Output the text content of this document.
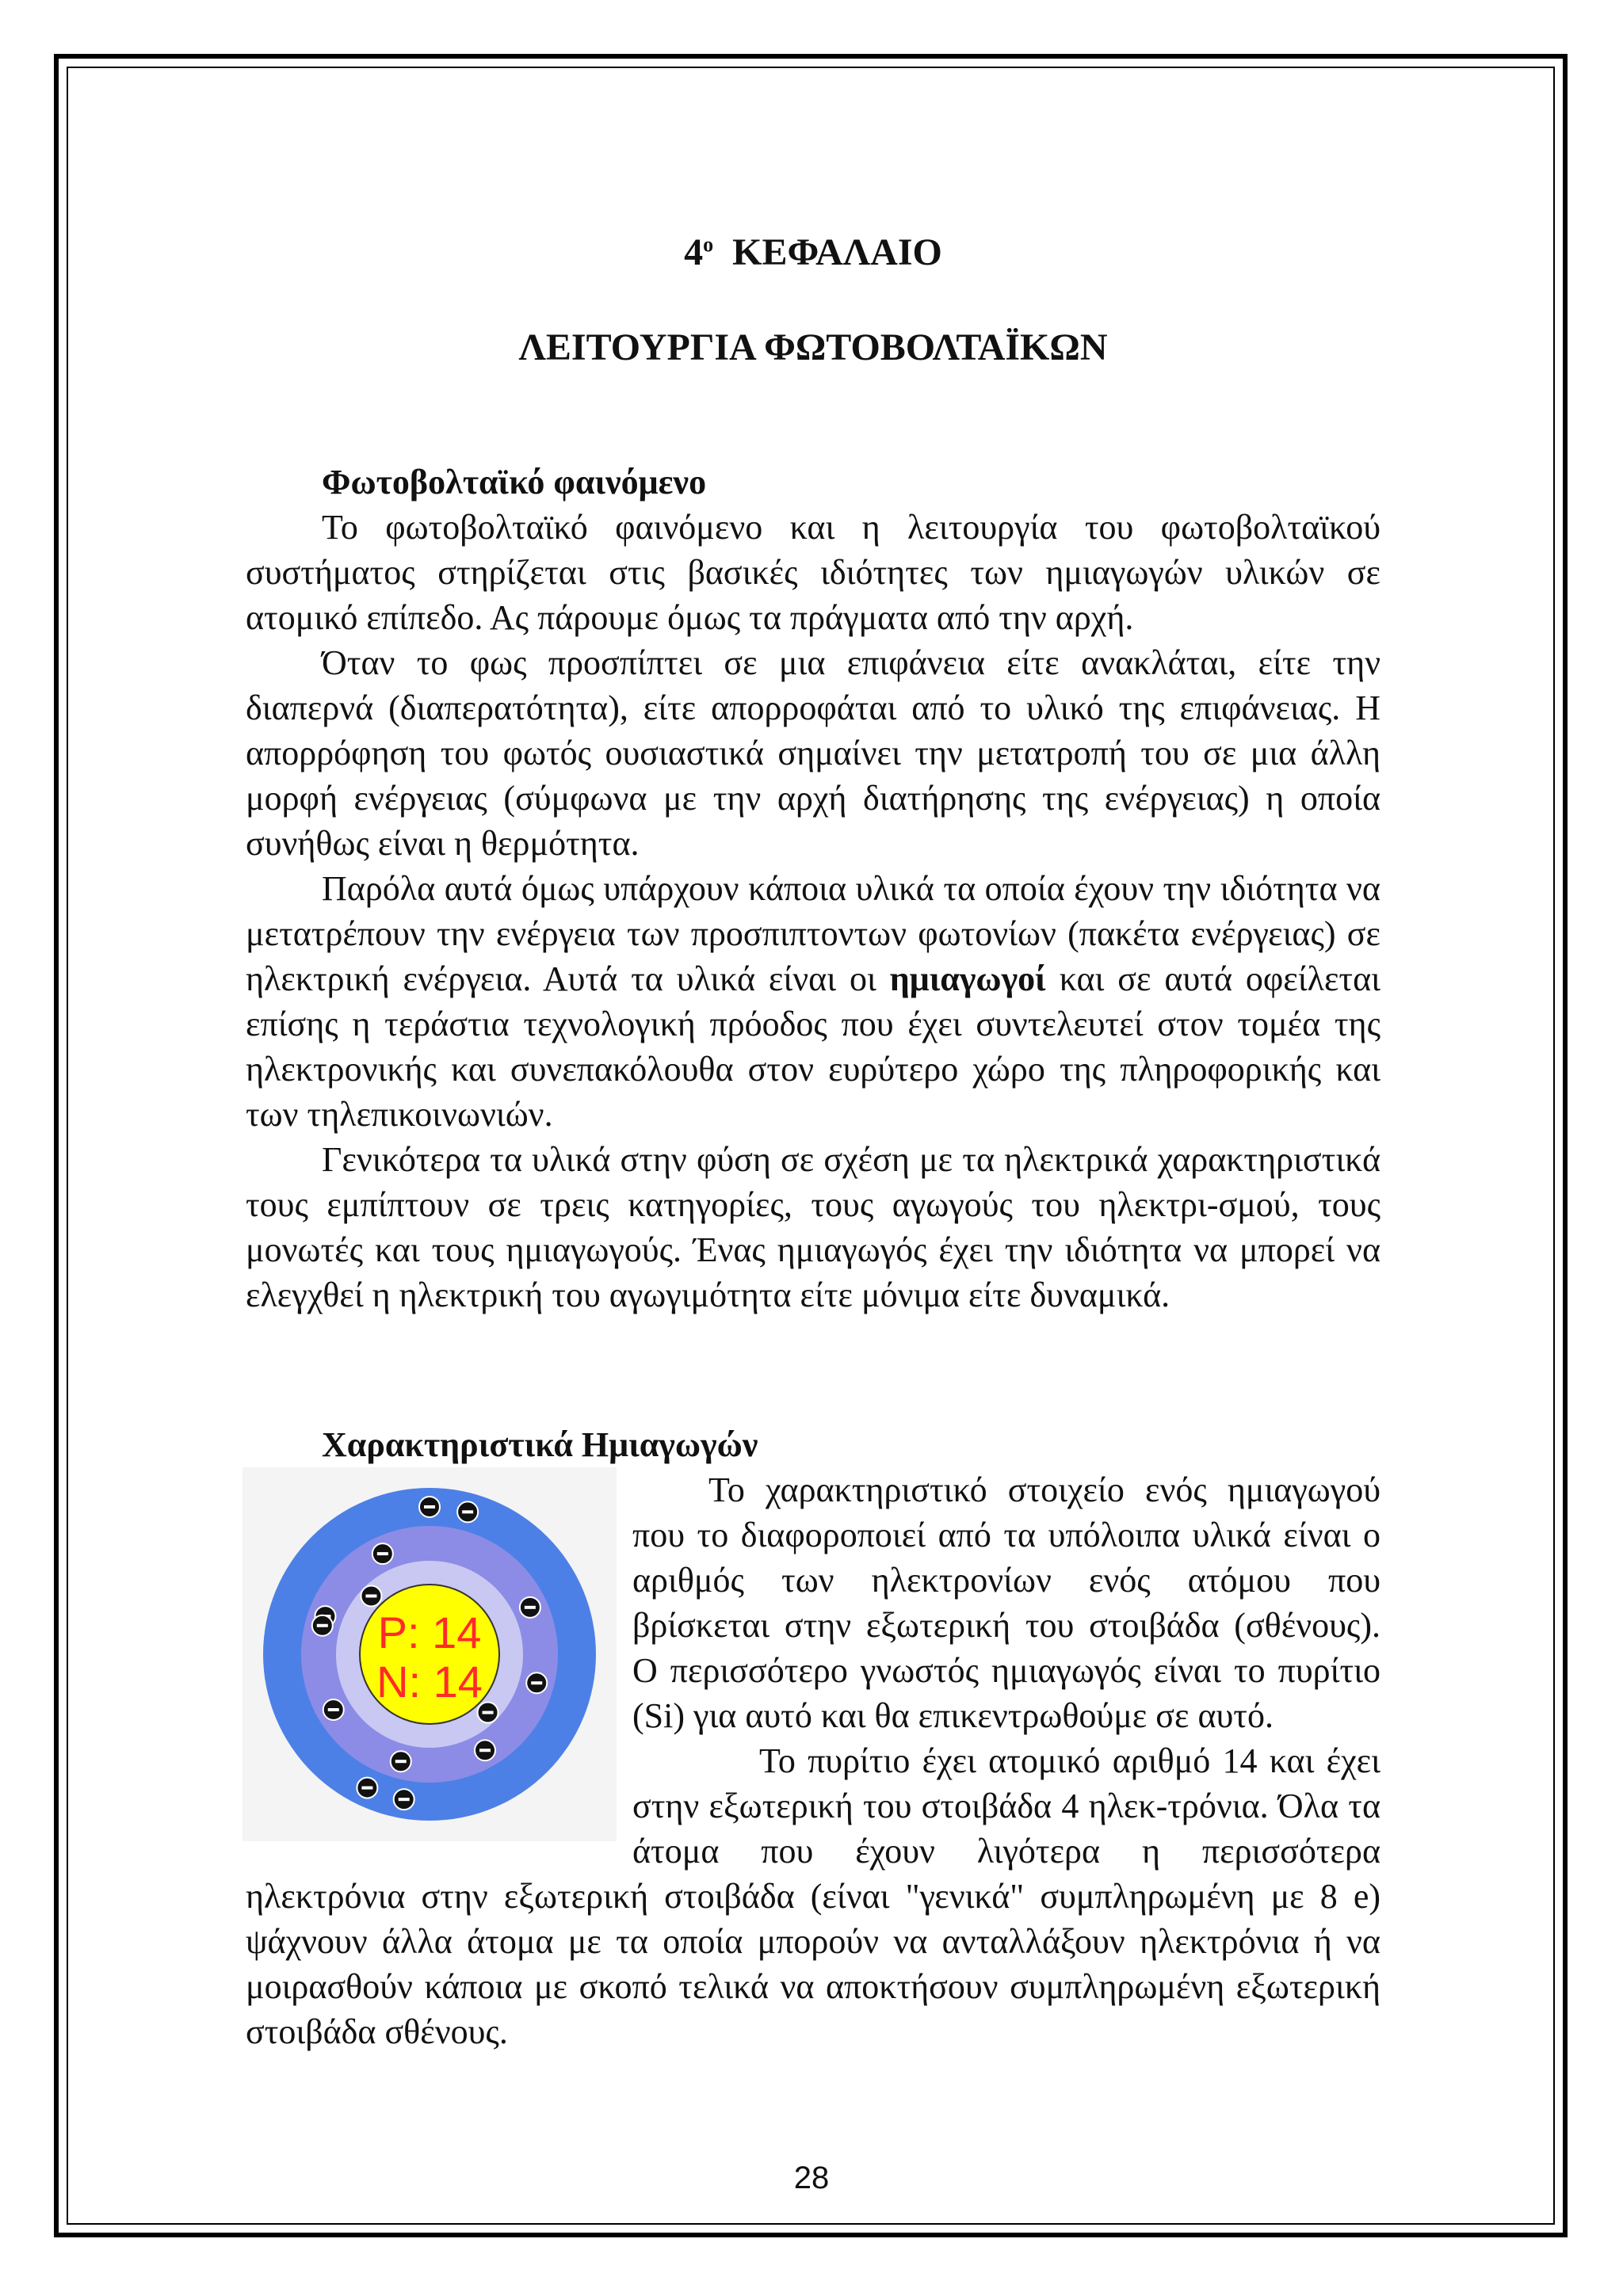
$4^o$ ΚΕΦΑΛΑΙΟ
ΛΕΙΤΟΥΡΓΙΑ ΦΩΤΟΒΟΛΤΑΪΚΩΝ
Φωτοβολταϊκό φαινόμενο

Το φωτοβολταϊκό φαινόμενο και η λειτουργία του φωτοβολταϊκού συστήματος στηρίζεται στις βασικές ιδιότητες των ημιαγωγών υλικών σε ατομικό επίπεδο. Ας πάρουμε όμως τα πράγματα από την αρχή.

Όταν το φως προσπίπτει σε μια επιφάνεια είτε ανακλάται, είτε την διαπερνά (διαπερατότητα), είτε απορροφάται από το υλικό της επιφάνειας. Η απορρόφηση του φωτός ουσιαστικά σημαίνει την μετατροπή του σε μια άλλη μορφή ενέργειας (σύμφωνα με την αρχή διατήρησης της ενέργειας) η οποία συνήθως είναι η θερμότητα.

Παρόλα αυτά όμως υπάρχουν κάποια υλικά τα οποία έχουν την ιδιότητα να μετατρέπουν την ενέργεια των προσπιπτοντων φωτονίων (πακέτα ενέργειας) σε ηλεκτρική ενέργεια. Αυτά τα υλικά είναι οι ημιαγωγοί και σε αυτά οφείλεται επίσης η τεράστια τεχνολογική πρόοδος που έχει συντελευτεί στον τομέα της ηλεκτρονικής και συνεπακόλουθα στον ευρύτερο χώρο της πληροφορικής και των τηλεπικοινωνιών.

Γενικότερα τα υλικά στην φύση σε σχέση με τα ηλεκτρικά χαρακτηριστικά τους εμπίπτουν σε τρεις κατηγορίες, τους αγωγούς του ηλεκτρι-σμού, τους μονωτές και τους ημιαγωγούς. Ένας ημιαγωγός έχει την ιδιότητα να μπορεί να ελεγχθεί η ηλεκτρική του αγωγιμότητα είτε μόνιμα είτε δυναμικά.

Χαρακτηριστικά Ημιαγωγών

P: 14
N: 14
Το χαρακτηριστικό στοιχείο ενός ημιαγωγού που το διαφοροποιεί από τα υπόλοιπα υλικά είναι ο αριθμός των ηλεκτρονίων ενός ατόμου που βρίσκεται στην εξωτερική του στοιβάδα (σθένους). Ο περισσότερο γνωστός ημιαγωγός είναι το πυρίτιο (Si) για αυτό και θα επικεντρωθούμε σε αυτό.

Το πυρίτιο έχει ατομικό αριθμό 14 και έχει στην εξωτερική του στοιβάδα 4 ηλεκ-τρόνια. Όλα τα άτομα που έχουν λιγότερα η περισσότερα ηλεκτρόνια στην εξωτερική στοιβάδα (είναι "γενικά" συμπληρωμένη με 8 e) ψάχνουν άλλα άτομα με τα οποία μπορούν να ανταλλάξουν ηλεκτρόνια ή να μοιρασθούν κάποια με σκοπό τελικά να αποκτήσουν συμπληρωμένη εξωτερική στοιβάδα σθένους.

28
